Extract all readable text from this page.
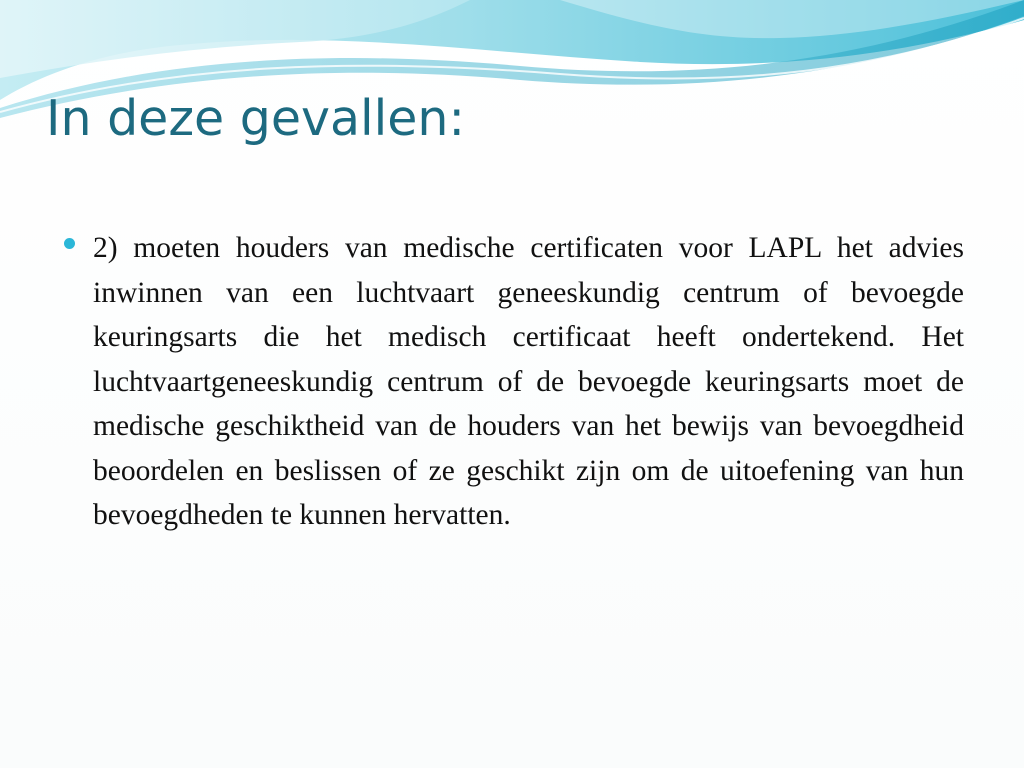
In deze gevallen:

2) moeten houders van medische certificaten voor LAPL het advies inwinnen van een luchtvaart geneeskundig centrum of bevoegde keuringsarts die het medisch certificaat heeft ondertekend. Het luchtvaartgeneeskundig centrum of de bevoegde keuringsarts moet de medische geschiktheid van de houders van het bewijs van bevoegdheid beoordelen en beslissen of ze geschikt zijn om de uitoefening van hun bevoegdheden te kunnen hervatten.
